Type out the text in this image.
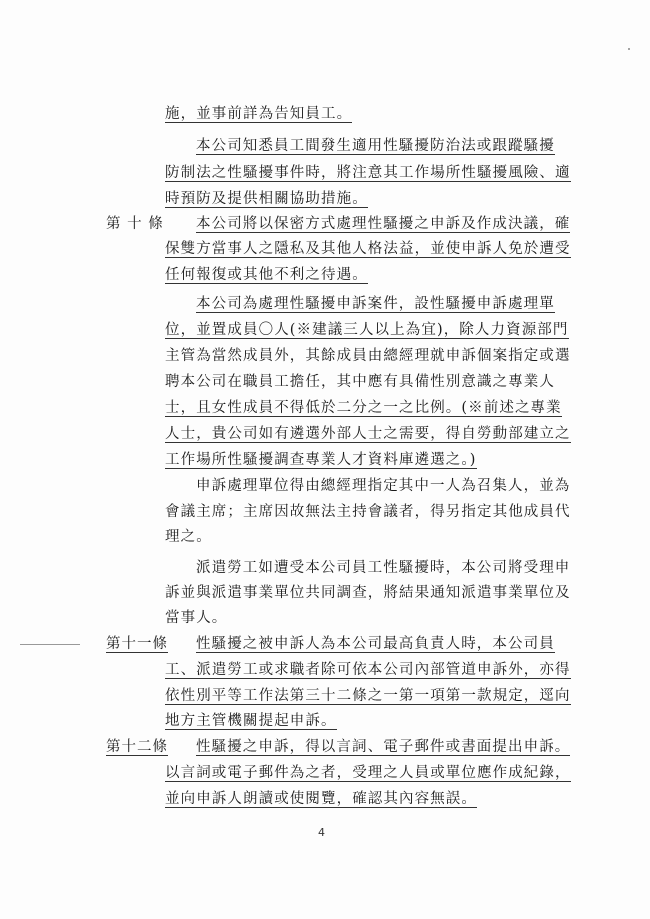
施，並事前詳為告知員工。
本公司知悉員工間發生適用性騷擾防治法或跟蹤騷擾
防制法之性騷擾事件時，將注意其工作場所性騷擾風險、適
時預防及提供相關協助措施。
第 十 條 本公司將以保密方式處理性騷擾之申訴及作成決議，確
保雙方當事人之隱私及其他人格法益，並使申訴人免於遭受
任何報復或其他不利之待遇。
本公司為處理性騷擾申訴案件，設性騷擾申訴處理單
位，並置成員〇人(※建議三人以上為宜)，除人力資源部門
主管為當然成員外，其餘成員由總經理就申訴個案指定或選
聘本公司在職員工擔任，其中應有具備性別意識之專業人
士，且女性成員不得低於二分之一之比例。(※前述之專業
人士，貴公司如有遴選外部人士之需要，得自勞動部建立之
工作場所性騷擾調查專業人才資料庫遴選之。)
申訴處理單位得由總經理指定其中一人為召集人，並為
會議主席；主席因故無法主持會議者，得另指定其他成員代
理之。
派遣勞工如遭受本公司員工性騷擾時，本公司將受理申
訴並與派遣事業單位共同調查，將結果通知派遣事業單位及
當事人。
第十一條 性騷擾之被申訴人為本公司最高負責人時，本公司員
工、派遣勞工或求職者除可依本公司內部管道申訴外，亦得
依性別平等工作法第三十二條之一第一項第一款規定，逕向
地方主管機關提起申訴。
第十二條 性騷擾之申訴，得以言詞、電子郵件或書面提出申訴。
以言詞或電子郵件為之者，受理之人員或單位應作成紀錄，
並向申訴人朗讀或使閱覽，確認其內容無誤。
4
